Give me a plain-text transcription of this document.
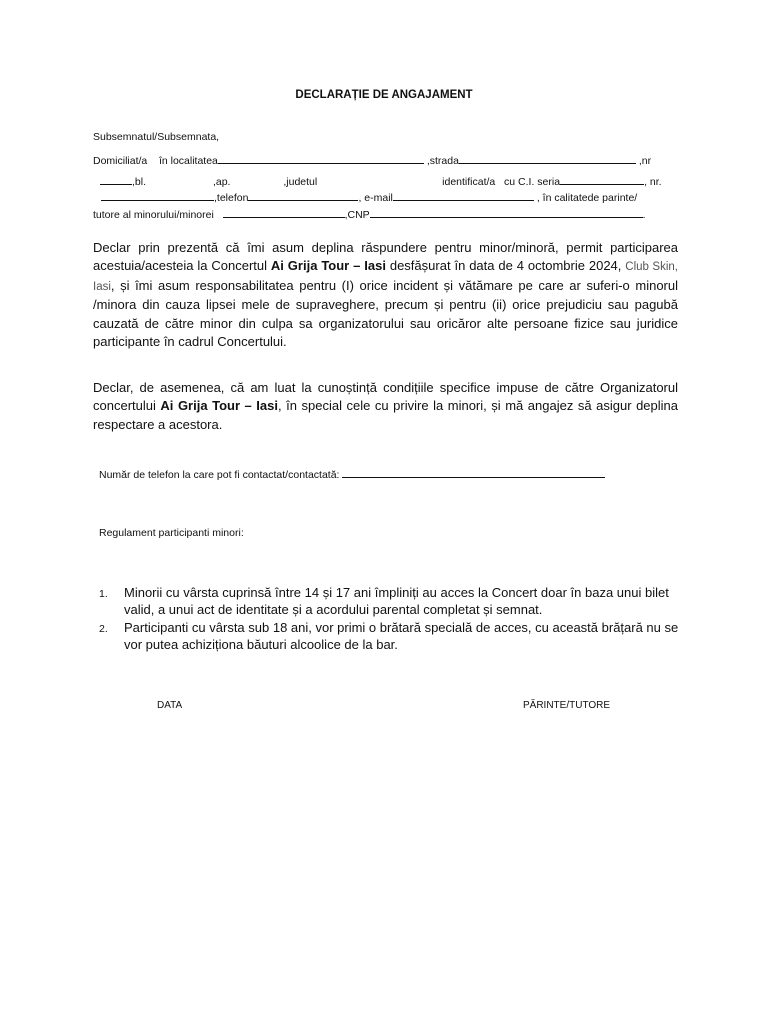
DECLARAȚIE DE ANGAJAMENT
Subsemnatul/Subsemnata,
Domiciliat/a în localitatea	,strada	,nr
,bl.	,ap.	,judetul	identificat/a cu C.I. seria	, nr.
,telefon	, e-mail	, în calitatede parinte/
tutore al minorului/minorei	,CNP	.
Declar prin prezentă că îmi asum deplina răspundere pentru minor/minoră, permit participarea acestuia/acesteia la Concertul Ai Grija Tour – Iasi desfășurat în data de 4 octombrie 2024, Club Skin, Iasi, și îmi asum responsabilitatea pentru (I) orice incident și vătămare pe care ar suferi-o minorul /minora din cauza lipsei mele de supraveghere, precum și pentru (ii) orice prejudiciu sau pagubă cauzată de către minor din culpa sa organizatorului sau oricăror alte persoane fizice sau juridice participante în cadrul Concertului.
Declar, de asemenea, că am luat la cunoștință condițiile specifice impuse de către Organizatorul concertului Ai Grija Tour – Iasi, în special cele cu privire la minori, și mă angajez să asigur deplina respectare a acestora.
Număr de telefon la care pot fi contactat/contactată:
Regulament participanti minori:
1. Minorii cu vârsta cuprinsă între 14 și 17 ani împliniți au acces la Concert doar în baza unui bilet valid, a unui act de identitate și a acordului parental completat și semnat.
2. Participanti cu vârsta sub 18 ani, vor primi o brătară specială de acces, cu această brățară nu se vor putea achiziționa băuturi alcoolice de la bar.
DATA	PĂRINTE/TUTORE
